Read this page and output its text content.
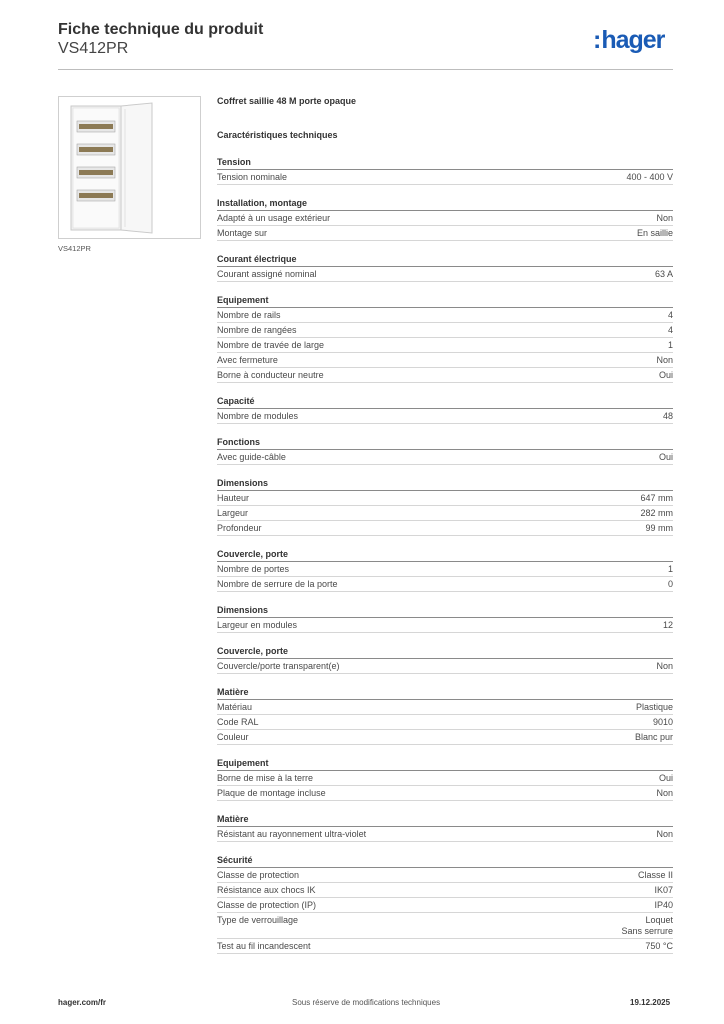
Fiche technique du produit
VS412PR	:hager
VS412PR
Coffret saillie 48 M porte opaque
Caractéristiques techniques
Tension
Tension nominale	400 - 400 V
Installation, montage
Adapté à un usage extérieur	Non
Montage sur	En saillie
Courant électrique
Courant assigné nominal	63 A
Equipement
Nombre de rails	4
Nombre de rangées	4
Nombre de travée de large	1
Avec fermeture	Non
Borne à conducteur neutre	Oui
Capacité
Nombre de modules	48
Fonctions
Avec guide-câble	Oui
Dimensions
Hauteur	647 mm
Largeur	282 mm
Profondeur	99 mm
Couvercle, porte
Nombre de portes	1
Nombre de serrure de la porte	0
Dimensions
Largeur en modules	12
Couvercle, porte
Couvercle/porte transparent(e)	Non
Matière
Matériau	Plastique
Code RAL	9010
Couleur	Blanc pur
Equipement
Borne de mise à la terre	Oui
Plaque de montage incluse	Non
Matière
Résistant au rayonnement ultra-violet	Non
Sécurité
Classe de protection	Classe II
Résistance aux chocs IK	IK07
Classe de protection (IP)	IP40
Type de verrouillage	Loquet
Sans serrure
Test au fil incandescent	750 °C
hager.com/fr	Sous réserve de modifications techniques	19.12.2025
